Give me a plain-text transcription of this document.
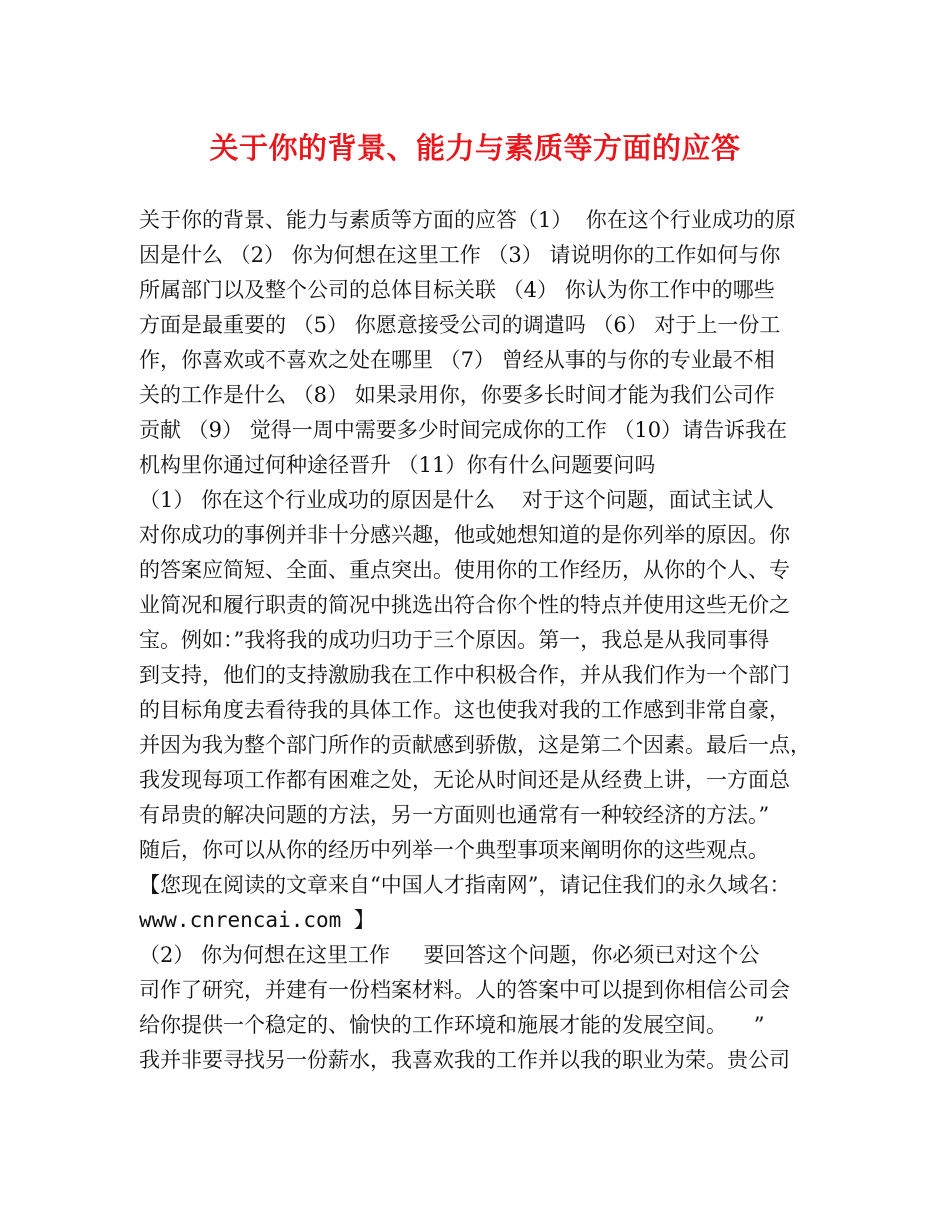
关于你的背景、能力与素质等方面的应答
关于你的背景、能力与素质等方面的应答（1）  你在这个行业成功的原
因是什么 （2） 你为何想在这里工作 （3） 请说明你的工作如何与你
所属部门以及整个公司的总体目标关联 （4） 你认为你工作中的哪些
方面是最重要的 （5） 你愿意接受公司的调遣吗 （6） 对于上一份工
作，你喜欢或不喜欢之处在哪里 （7） 曾经从事的与你的专业最不相
关的工作是什么 （8） 如果录用你，你要多长时间才能为我们公司作
贡献 （9） 觉得一周中需要多少时间完成你的工作 （10）请告诉我在
机构里你通过何种途径晋升 （11）你有什么问题要问吗
（1） 你在这个行业成功的原因是什么    对于这个问题，面试主试人
对你成功的事例并非十分感兴趣，他或她想知道的是你列举的原因。你
的答案应简短、全面、重点突出。使用你的工作经历，从你的个人、专
业简况和履行职责的简况中挑选出符合你个性的特点并使用这些无价之
宝。例如：”我将我的成功归功于三个原因。第一，我总是从我同事得
到支持，他们的支持激励我在工作中积极合作，并从我们作为一个部门
的目标角度去看待我的具体工作。这也使我对我的工作感到非常自豪，
并因为我为整个部门所作的贡献感到骄傲，这是第二个因素。最后一点，
我发现每项工作都有困难之处，无论从时间还是从经费上讲，一方面总
有昂贵的解决问题的方法，另一方面则也通常有一种较经济的方法。”
随后，你可以从你的经历中列举一个典型事项来阐明你的这些观点。
【您现在阅读的文章来自“中国人才指南网”，请记住我们的永久域名：
www.cnrencai.com 】
（2） 你为何想在这里工作     要回答这个问题，你必须已对这个公
司作了研究，并建有一份档案材料。人的答案中可以提到你相信公司会
给你提供一个稳定的、愉快的工作环境和施展才能的发展空间。    ”
我并非要寻找另一份薪水，我喜欢我的工作并以我的职业为荣。贵公司
